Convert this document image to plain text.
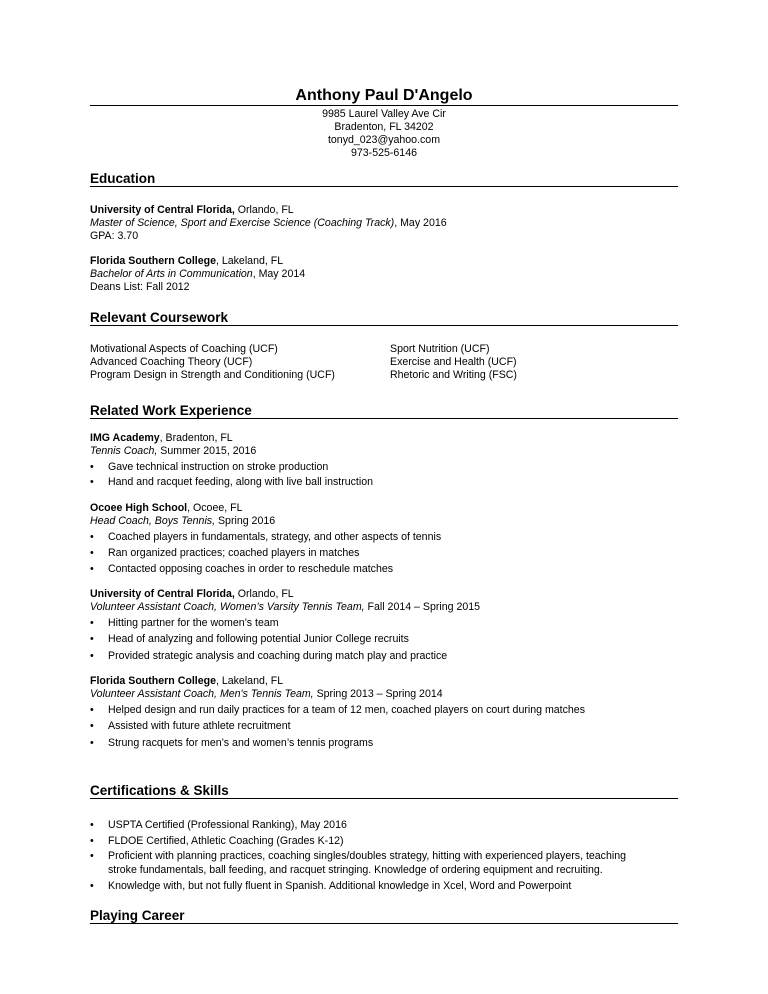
Anthony Paul D'Angelo
9985 Laurel Valley Ave Cir
Bradenton, FL 34202
tonyd_023@yahoo.com
973-525-6146
Education
University of Central Florida, Orlando, FL
Master of Science, Sport and Exercise Science (Coaching Track), May 2016
GPA: 3.70
Florida Southern College, Lakeland, FL
Bachelor of Arts in Communication, May 2014
Deans List: Fall 2012
Relevant Coursework
Motivational Aspects of Coaching (UCF)
Advanced Coaching Theory (UCF)
Program Design in Strength and Conditioning (UCF)
Sport Nutrition (UCF)
Exercise and Health (UCF)
Rhetoric and Writing (FSC)
Related Work Experience
IMG Academy, Bradenton, FL
Tennis Coach, Summer 2015, 2016
• Gave technical instruction on stroke production
• Hand and racquet feeding, along with live ball instruction
Ocoee High School, Ocoee, FL
Head Coach, Boys Tennis, Spring 2016
• Coached players in fundamentals, strategy, and other aspects of tennis
• Ran organized practices; coached players in matches
• Contacted opposing coaches in order to reschedule matches
University of Central Florida, Orlando, FL
Volunteer Assistant Coach, Women’s Varsity Tennis Team, Fall 2014 – Spring 2015
• Hitting partner for the women’s team
• Head of analyzing and following potential Junior College recruits
• Provided strategic analysis and coaching during match play and practice
Florida Southern College, Lakeland, FL
Volunteer Assistant Coach, Men's Tennis Team, Spring 2013 – Spring 2014
• Helped design and run daily practices for a team of 12 men, coached players on court during matches
• Assisted with future athlete recruitment
• Strung racquets for men’s and women’s tennis programs
Certifications & Skills
• USPTA Certified (Professional Ranking), May 2016
• FLDOE Certified, Athletic Coaching (Grades K-12)
• Proficient with planning practices, coaching singles/doubles strategy, hitting with experienced players, teaching
stroke fundamentals, ball feeding, and racquet stringing. Knowledge of ordering equipment and recruiting.
• Knowledge with, but not fully fluent in Spanish. Additional knowledge in Xcel, Word and Powerpoint
Playing Career
